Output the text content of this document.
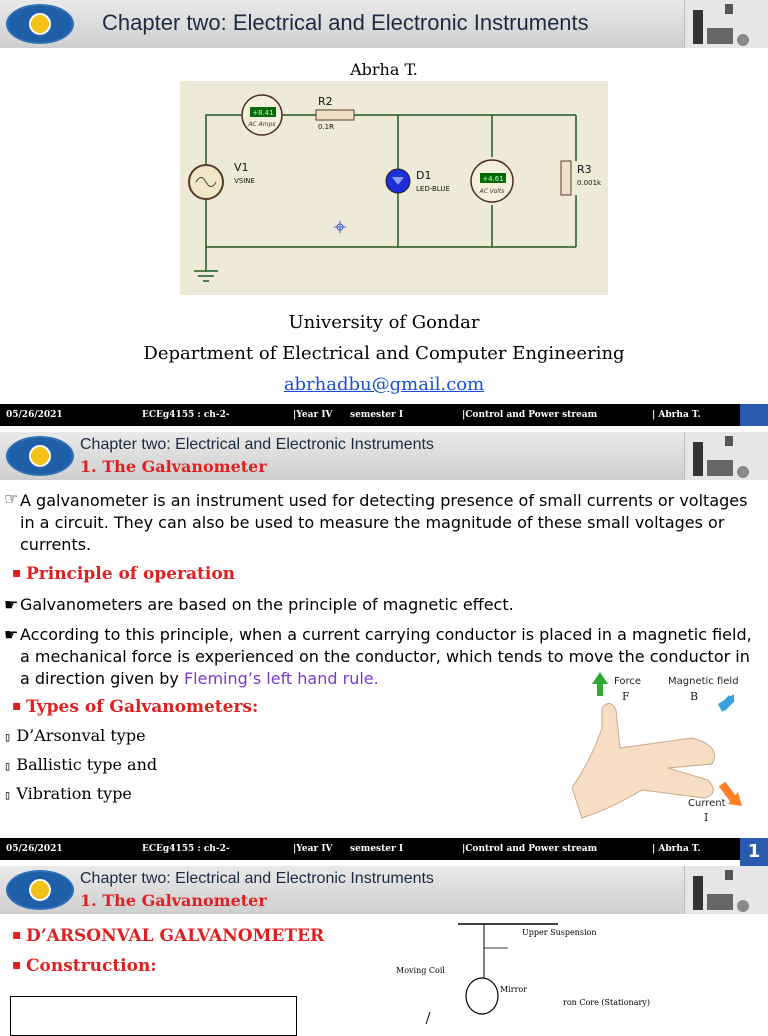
Chapter two: Electrical and Electronic Instruments
Abrha T.
+8.41
AC Amps
R2
0.1R
V1
VSINE	D1
LED-BLUE
+4.61
AC Volts
R3
0.001k
University of Gondar
Department of Electrical and Computer Engineering
abrhadbu@gmail.com
05/26/2021	ECEg4155 : ch-2-	|Year IV semester I	|Control and Power stream	| Abrha T.
Chapter two: Electrical and Electronic Instruments
1. The Galvanometer
☞ A galvanometer is an instrument used for detecting presence of small currents or voltages in a circuit. They can also be used to measure the magnitude of these small voltages or currents.
▪ Principle of operation
☛ Galvanometers are based on the principle of magnetic effect.
☛ According to this principle, when a current carrying conductor is placed in a magnetic field, a mechanical force is experienced on the conductor, which tends to move the conductor in a direction given by Fleming’s left hand rule.
▪ Types of Galvanometers:
▯ D’Arsonval type
▯ Ballistic type and
▯ Vibration type
Force
F
Magnetic field
B
Current
I
05/26/2021	ECEg4155 : ch-2-	|Year IV semester I	|Control and Power stream	| Abrha T.	1
Chapter two: Electrical and Electronic Instruments
1. The Galvanometer
▪ D’ARSONVAL GALVANOMETER
▪ Construction:
Upper Suspension
Moving Coil
Mirror
ron Core (Stationary)
